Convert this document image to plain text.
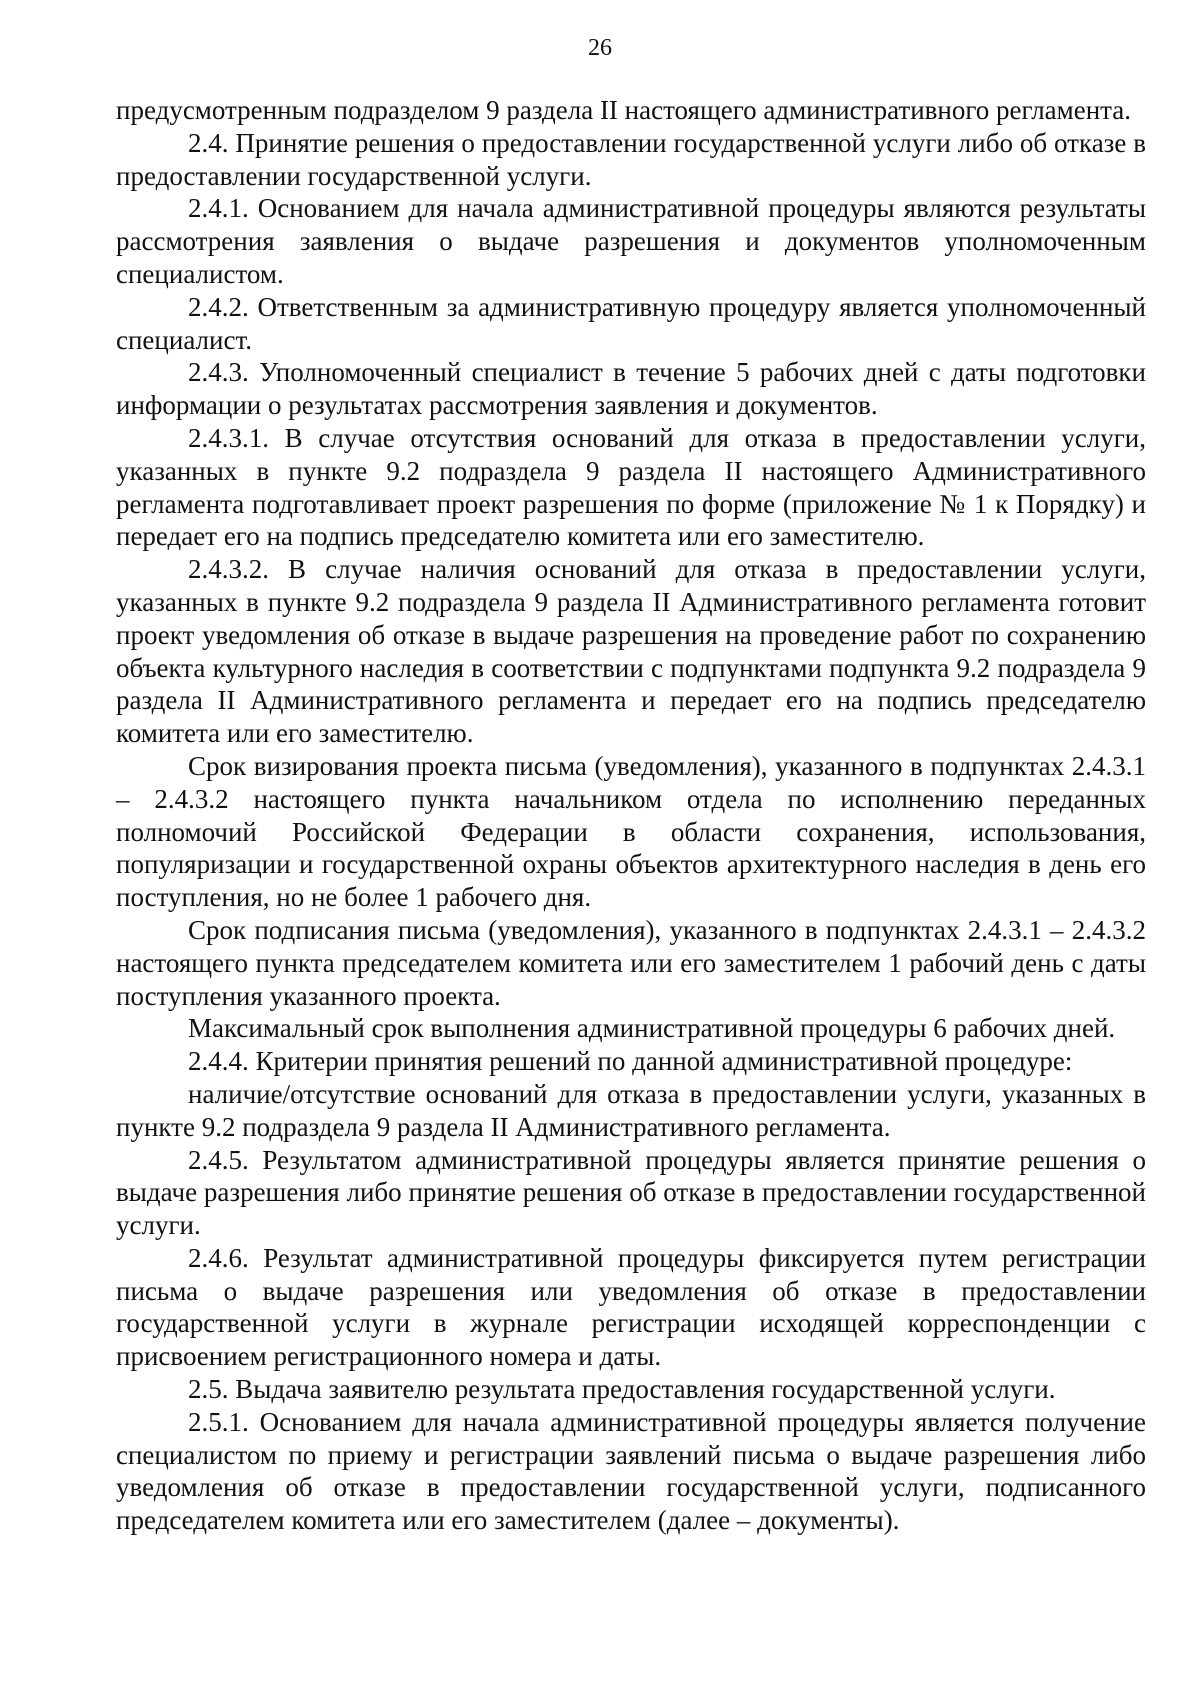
26

предусмотренным подразделом 9 раздела II настоящего административного регламента.

2.4. Принятие решения о предоставлении государственной услуги либо об отказе в предоставлении государственной услуги.

2.4.1. Основанием для начала административной процедуры являются результаты рассмотрения заявления о выдаче разрешения и документов уполномоченным специалистом.

2.4.2. Ответственным за административную процедуру является уполномоченный специалист.

2.4.3. Уполномоченный специалист в течение 5 рабочих дней с даты подготовки информации о результатах рассмотрения заявления и документов.

2.4.3.1. В случае отсутствия оснований для отказа в предоставлении услуги, указанных в пункте 9.2 подраздела 9 раздела II настоящего Административного регламента подготавливает проект разрешения по форме (приложение № 1 к Порядку) и передает его на подпись председателю комитета или его заместителю.

2.4.3.2. В случае наличия оснований для отказа в предоставлении услуги, указанных в пункте 9.2 подраздела 9 раздела II Административного регламента готовит проект уведомления об отказе в выдаче разрешения на проведение работ по сохранению объекта культурного наследия в соответствии с подпунктами подпункта 9.2 подраздела 9 раздела II Административного регламента и передает его на подпись председателю комитета или его заместителю.

Срок визирования проекта письма (уведомления), указанного в подпунктах 2.4.3.1 – 2.4.3.2 настоящего пункта начальником отдела по исполнению переданных полномочий Российской Федерации в области сохранения, использования, популяризации и государственной охраны объектов архитектурного наследия в день его поступления, но не более 1 рабочего дня.

Срок подписания письма (уведомления), указанного в подпунктах 2.4.3.1 – 2.4.3.2 настоящего пункта председателем комитета или его заместителем 1 рабочий день с даты поступления указанного проекта.

Максимальный срок выполнения административной процедуры 6 рабочих дней.

2.4.4. Критерии принятия решений по данной административной процедуре:

наличие/отсутствие оснований для отказа в предоставлении услуги, указанных в пункте 9.2 подраздела 9 раздела II Административного регламента.

2.4.5. Результатом административной процедуры является принятие решения о выдаче разрешения либо принятие решения об отказе в предоставлении государственной услуги.

2.4.6. Результат административной процедуры фиксируется путем регистрации письма о выдаче разрешения или уведомления об отказе в предоставлении государственной услуги в журнале регистрации исходящей корреспонденции с присвоением регистрационного номера и даты.

2.5. Выдача заявителю результата предоставления государственной услуги.

2.5.1. Основанием для начала административной процедуры является получение специалистом по приему и регистрации заявлений письма о выдаче разрешения либо уведомления об отказе в предоставлении государственной услуги, подписанного председателем комитета или его заместителем (далее – документы).
